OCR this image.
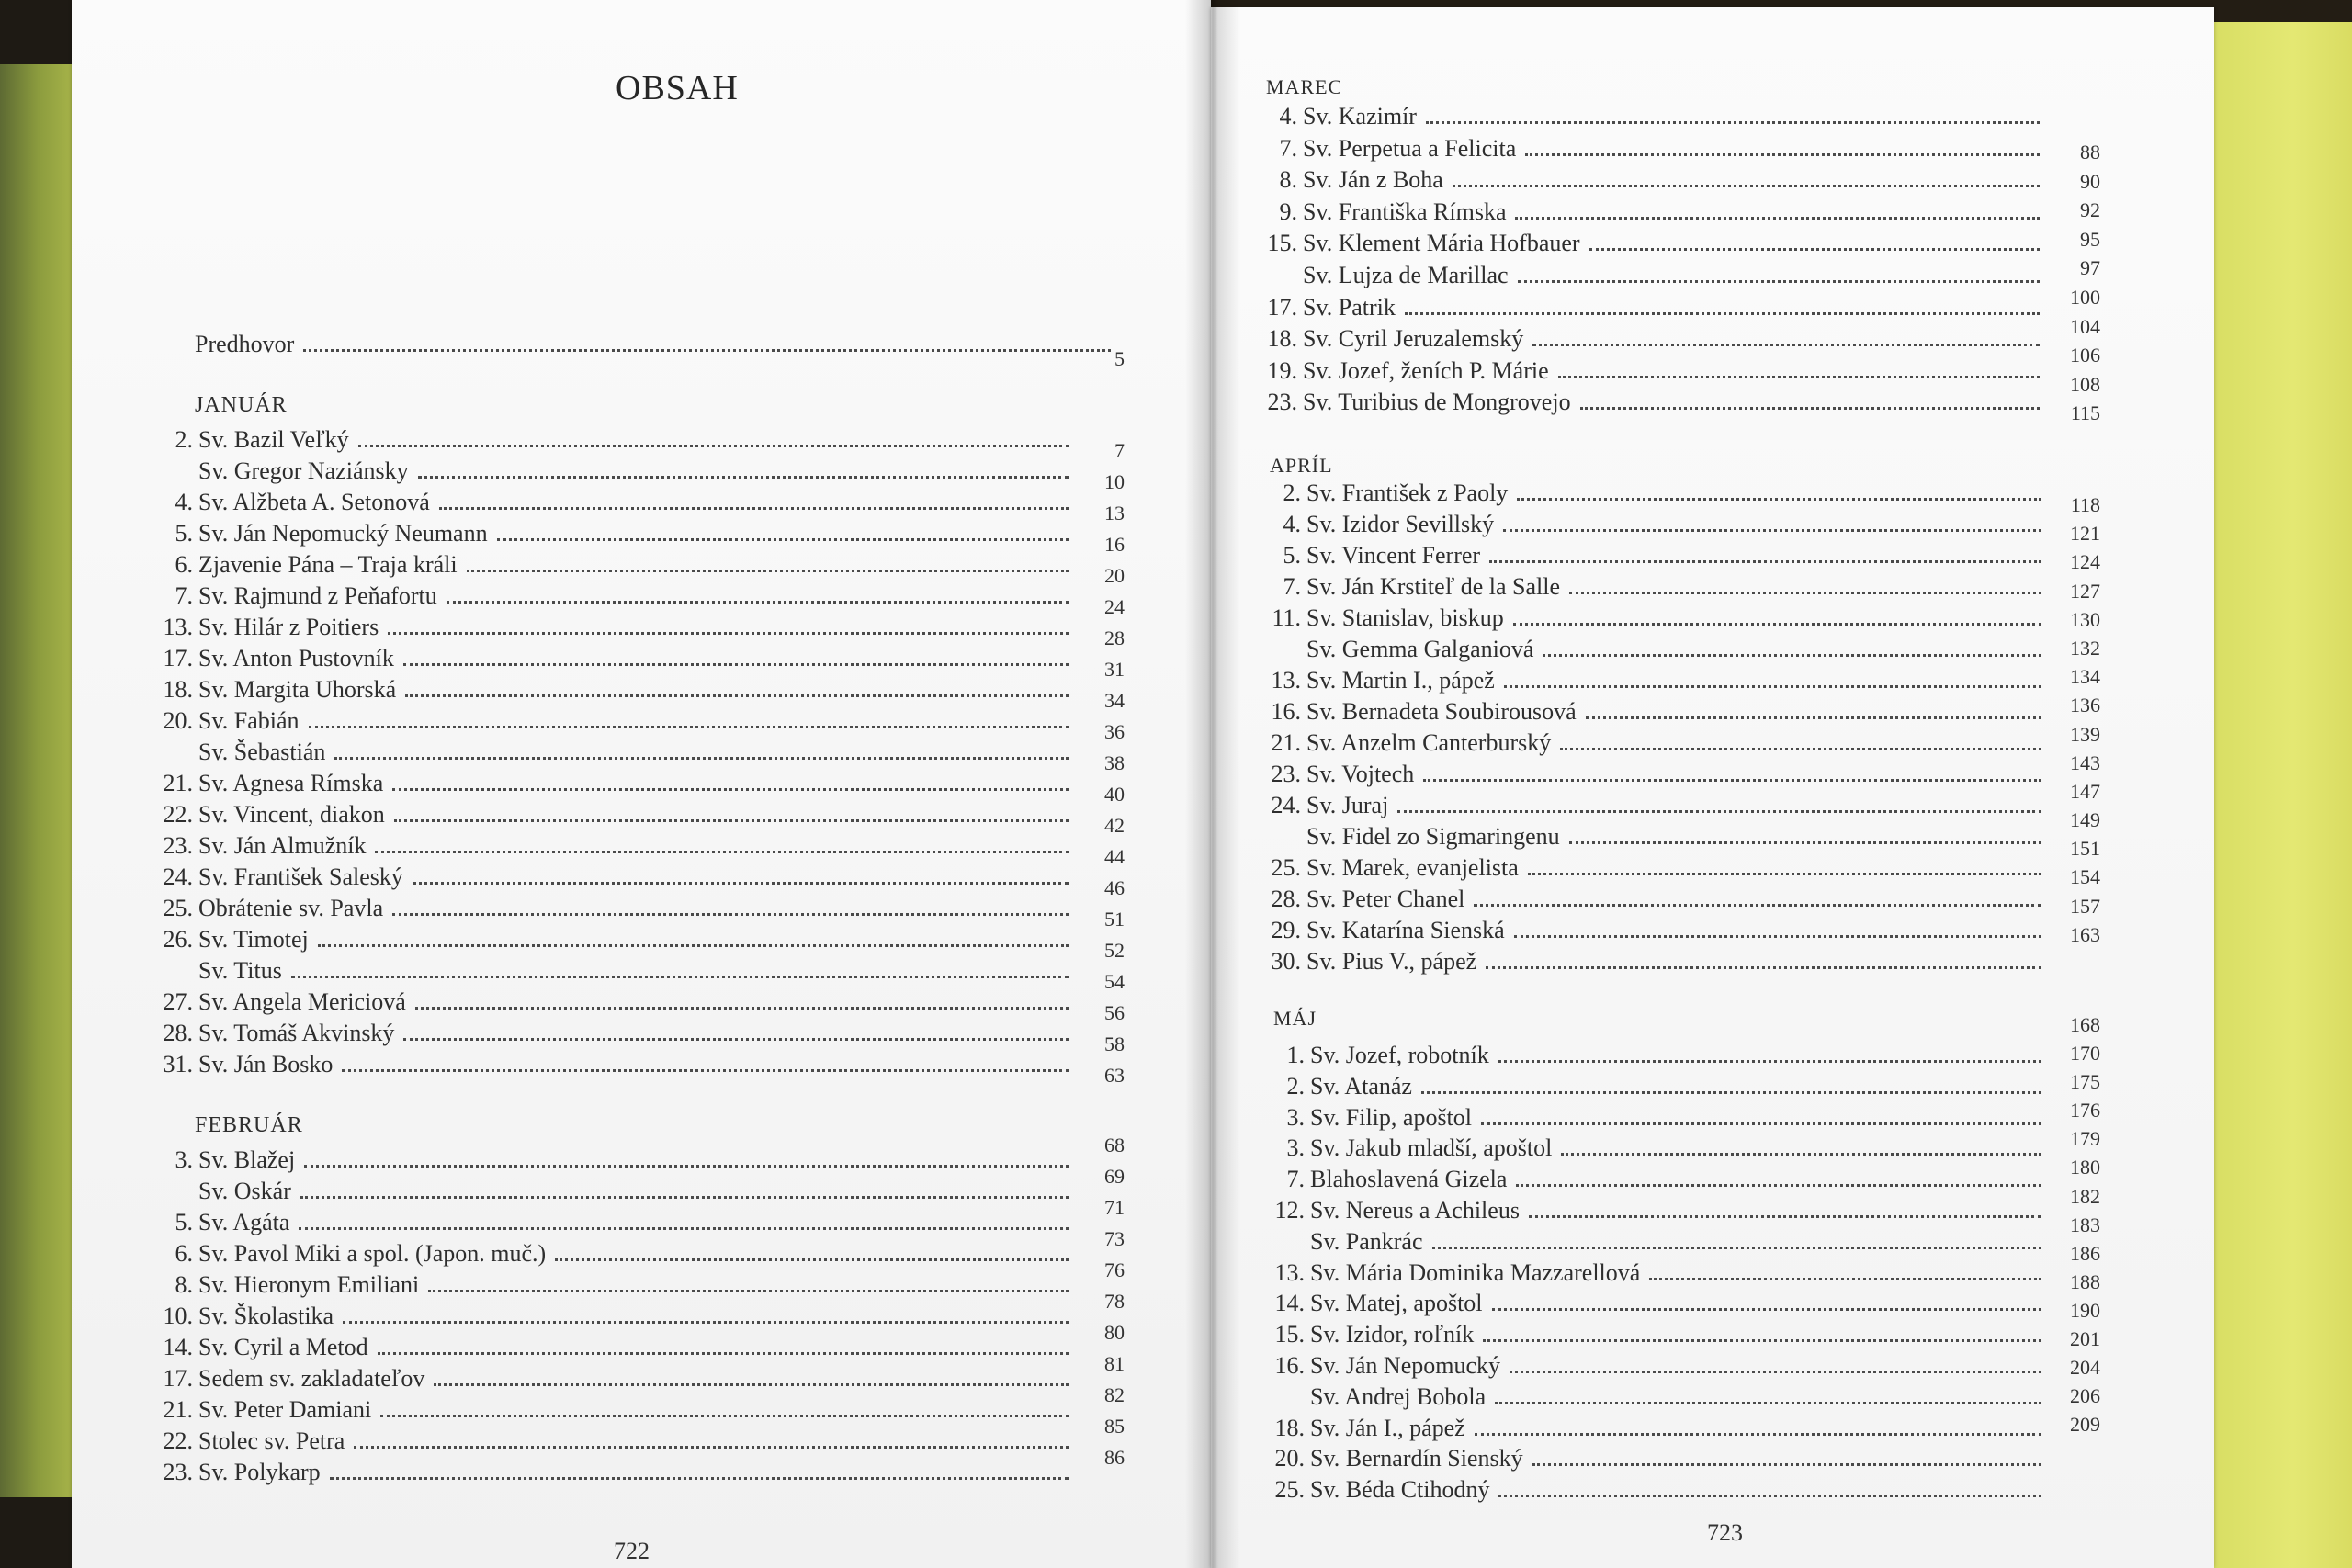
OBSAH
Predhovor
5
JANUÁR
2. Sv. Bazil Veľký
Sv. Gregor Naziánsky
4. Sv. Alžbeta A. Setonová
5. Sv. Ján Nepomucký Neumann
6. Zjavenie Pána – Traja králi
7. Sv. Rajmund z Peňafortu
13. Sv. Hilár z Poitiers
17. Sv. Anton Pustovník
18. Sv. Margita Uhorská
20. Sv. Fabián
Sv. Šebastián
21. Sv. Agnesa Rímska
22. Sv. Vincent, diakon
23. Sv. Ján Almužník
24. Sv. František Saleský
25. Obrátenie sv. Pavla
26. Sv. Timotej
Sv. Titus
27. Sv. Angela Mericiová
28. Sv. Tomáš Akvinský
31. Sv. Ján Bosko
7
10
13
16
20
24
28
31
34
36
38
40
42
44
46
51
52
54
56
58
63
FEBRUÁR
3. Sv. Blažej
Sv. Oskár
5. Sv. Agáta
6. Sv. Pavol Miki a spol. (Japon. muč.)
8. Sv. Hieronym Emiliani
10. Sv. Školastika
14. Sv. Cyril a Metod
17. Sedem sv. zakladateľov
21. Sv. Peter Damiani
22. Stolec sv. Petra
23. Sv. Polykarp
68
69
71
73
76
78
80
81
82
85
86
722
MAREC
4. Sv. Kazimír
7. Sv. Perpetua a Felicita
8. Sv. Ján z Boha
9. Sv. Františka Rímska
15. Sv. Klement Mária Hofbauer
Sv. Lujza de Marillac
17. Sv. Patrik
18. Sv. Cyril Jeruzalemský
19. Sv. Jozef, ženích P. Márie
23. Sv. Turibius de Mongrovejo
88
90
92
95
97
100
104
106
108
115
APRÍL
2. Sv. František z Paoly
4. Sv. Izidor Sevillský
5. Sv. Vincent Ferrer
7. Sv. Ján Krstiteľ de la Salle
11. Sv. Stanislav, biskup
Sv. Gemma Galganiová
13. Sv. Martin I., pápež
16. Sv. Bernadeta Soubirousová
21. Sv. Anzelm Canterburský
23. Sv. Vojtech
24. Sv. Juraj
Sv. Fidel zo Sigmaringenu
25. Sv. Marek, evanjelista
28. Sv. Peter Chanel
29. Sv. Katarína Sienská
30. Sv. Pius V., pápež
118
121
124
127
130
132
134
136
139
143
147
149
151
154
157
163
MÁJ
1. Sv. Jozef, robotník
2. Sv. Atanáz
3. Sv. Filip, apoštol
3. Sv. Jakub mladší, apoštol
7. Blahoslavená Gizela
12. Sv. Nereus a Achileus
Sv. Pankrác
13. Sv. Mária Dominika Mazzarellová
14. Sv. Matej, apoštol
15. Sv. Izidor, roľník
16. Sv. Ján Nepomucký
Sv. Andrej Bobola
18. Sv. Ján I., pápež
20. Sv. Bernardín Sienský
25. Sv. Béda Ctihodný
168
170
175
176
179
180
182
183
186
188
190
201
204
206
209
723
